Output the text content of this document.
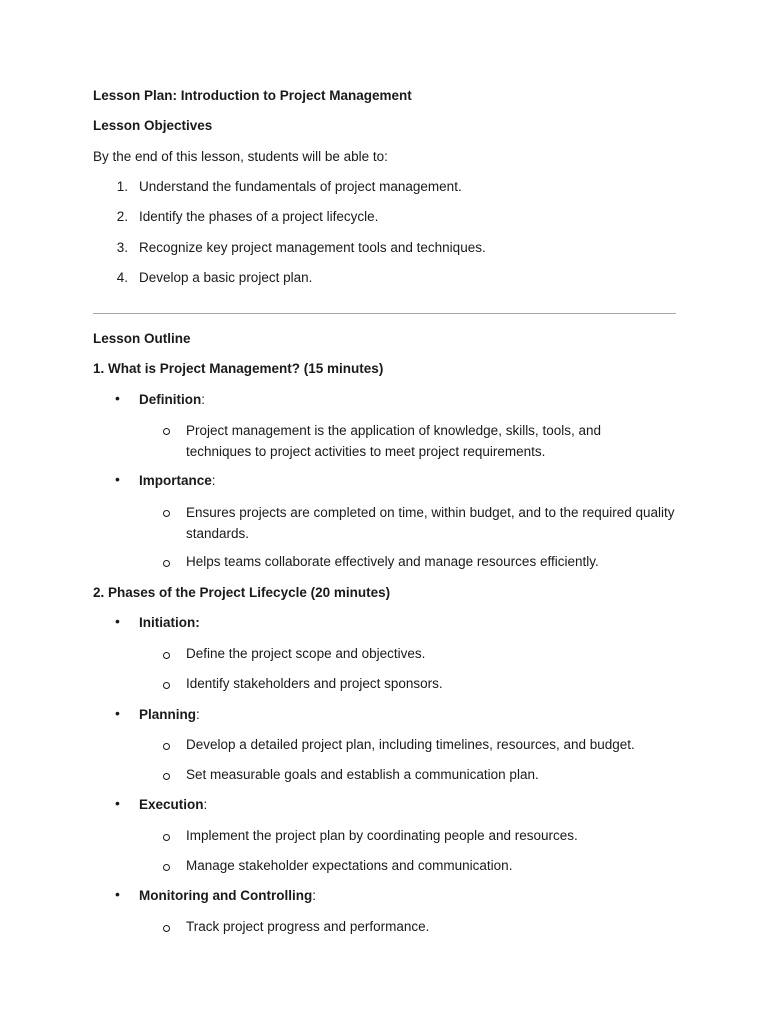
Lesson Plan: Introduction to Project Management
Lesson Objectives
By the end of this lesson, students will be able to:
1. Understand the fundamentals of project management.
2. Identify the phases of a project lifecycle.
3. Recognize key project management tools and techniques.
4. Develop a basic project plan.
Lesson Outline
1. What is Project Management? (15 minutes)
• Definition:
Project management is the application of knowledge, skills, tools, and techniques to project activities to meet project requirements.
• Importance:
Ensures projects are completed on time, within budget, and to the required quality standards.
Helps teams collaborate effectively and manage resources efficiently.
2. Phases of the Project Lifecycle (20 minutes)
• Initiation:
Define the project scope and objectives.
Identify stakeholders and project sponsors.
• Planning:
Develop a detailed project plan, including timelines, resources, and budget.
Set measurable goals and establish a communication plan.
• Execution:
Implement the project plan by coordinating people and resources.
Manage stakeholder expectations and communication.
• Monitoring and Controlling:
Track project progress and performance.
